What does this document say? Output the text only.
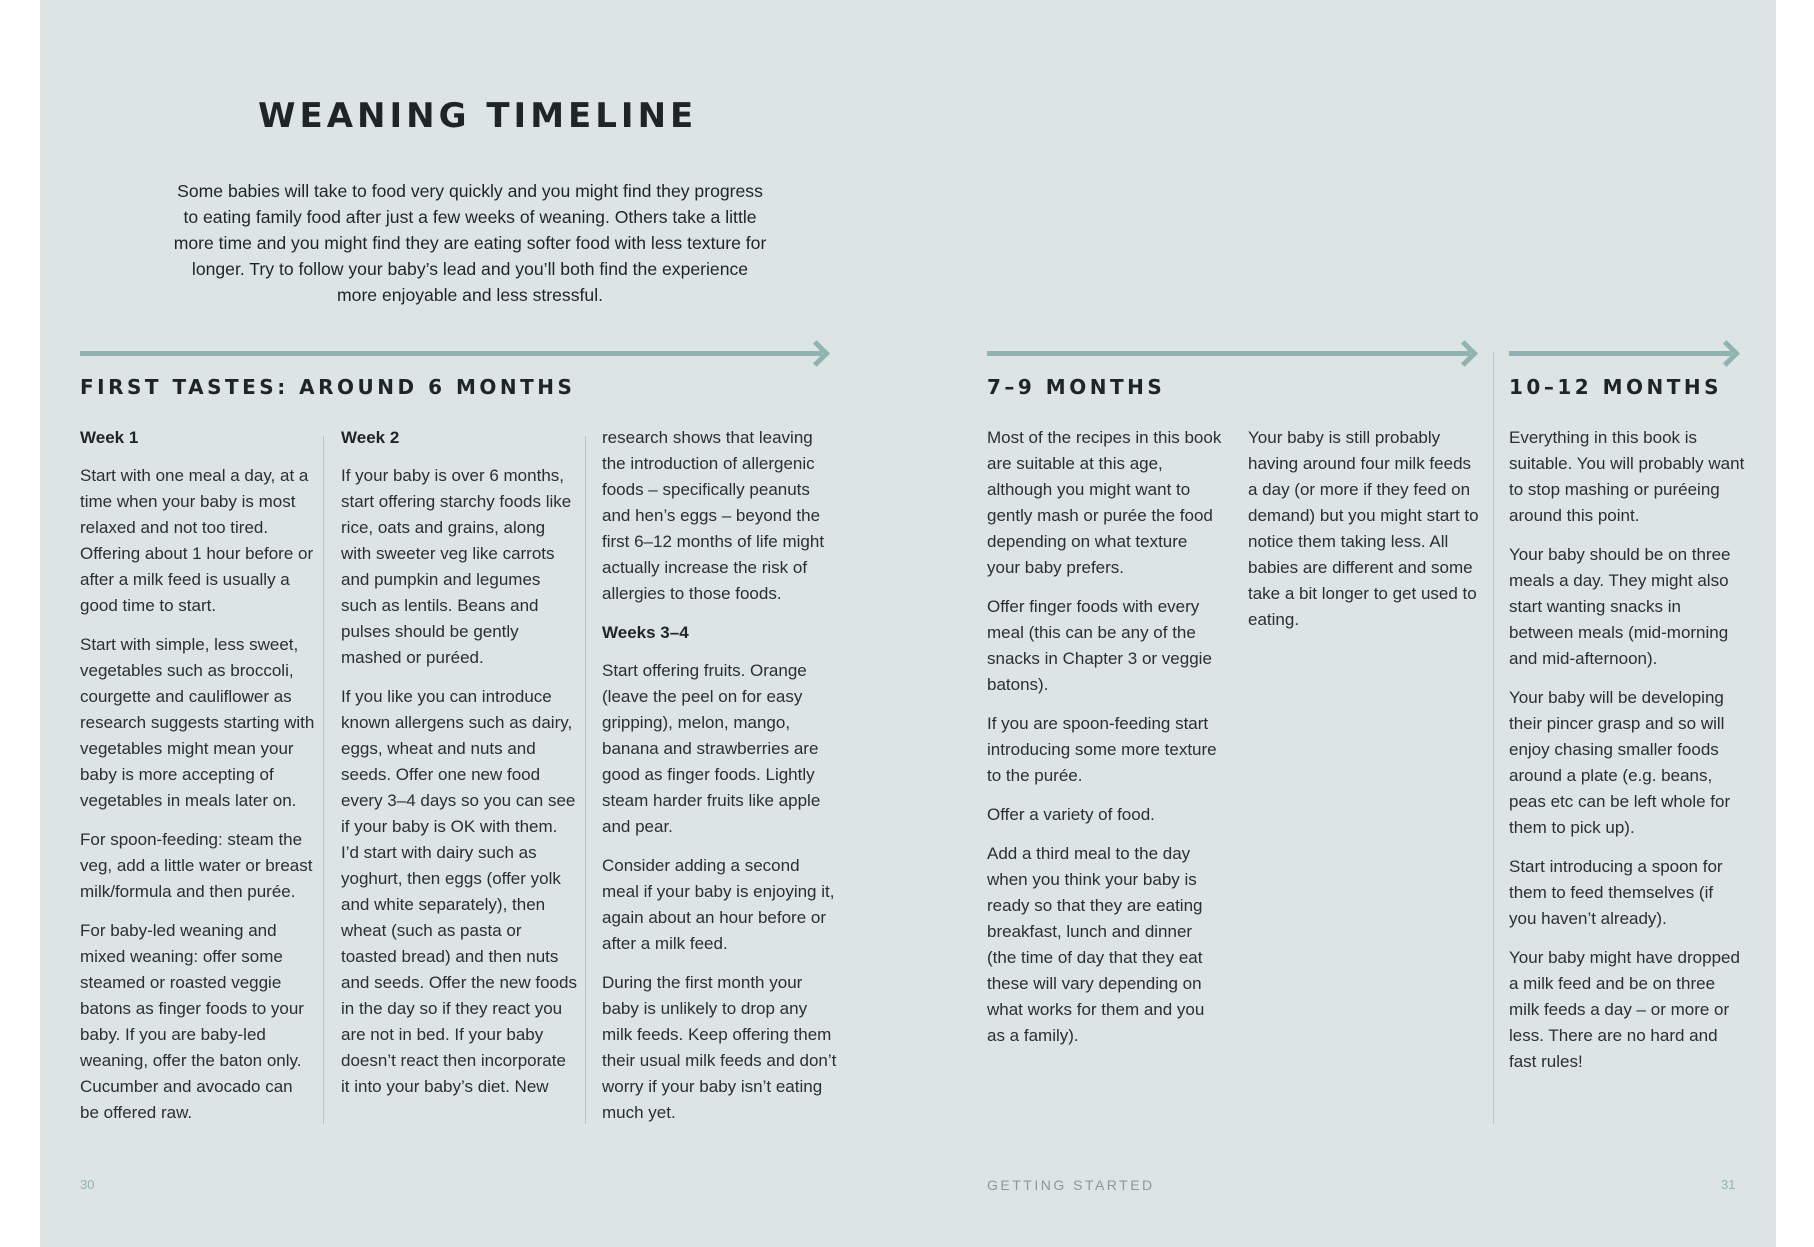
WEANING TIMELINE
Some babies will take to food very quickly and you might find they progress to eating family food after just a few weeks of weaning. Others take a little more time and you might find they are eating softer food with less texture for longer. Try to follow your baby’s lead and you’ll both find the experience more enjoyable and less stressful.
FIRST TASTES: AROUND 6 MONTHS	7–9 MONTHS	10–12 MONTHS

Week 1

Start with one meal a day, at a time when your baby is most relaxed and not too tired. Offering about 1 hour before or after a milk feed is usually a good time to start.

Start with simple, less sweet, vegetables such as broccoli, courgette and cauliflower as research suggests starting with vegetables might mean your baby is more accepting of vegetables in meals later on.

For spoon-feeding: steam the veg, add a little water or breast milk/formula and then purée.

For baby-led weaning and mixed weaning: offer some steamed or roasted veggie batons as finger foods to your baby. If you are baby-led weaning, offer the baton only. Cucumber and avocado can be offered raw.

Week 2

If your baby is over 6 months, start offering starchy foods like rice, oats and grains, along with sweeter veg like carrots and pumpkin and legumes such as lentils. Beans and pulses should be gently mashed or puréed.

If you like you can introduce known allergens such as dairy, eggs, wheat and nuts and seeds. Offer one new food every 3–4 days so you can see if your baby is OK with them. I’d start with dairy such as yoghurt, then eggs (offer yolk and white separately), then wheat (such as pasta or toasted bread) and then nuts and seeds. Offer the new foods in the day so if they react you are not in bed. If your baby doesn’t react then incorporate it into your baby’s diet. New

research shows that leaving the introduction of allergenic foods – specifically peanuts and hen’s eggs – beyond the first 6–12 months of life might actually increase the risk of allergies to those foods.

Weeks 3–4

Start offering fruits. Orange (leave the peel on for easy gripping), melon, mango, banana and strawberries are good as finger foods. Lightly steam harder fruits like apple and pear.

Consider adding a second meal if your baby is enjoying it, again about an hour before or after a milk feed.

During the first month your baby is unlikely to drop any milk feeds. Keep offering them their usual milk feeds and don’t worry if your baby isn’t eating much yet.

Most of the recipes in this book are suitable at this age, although you might want to gently mash or purée the food depending on what texture your baby prefers.

Offer finger foods with every meal (this can be any of the snacks in Chapter 3 or veggie batons).

If you are spoon-feeding start introducing some more texture to the purée.

Offer a variety of food.

Add a third meal to the day when you think your baby is ready so that they are eating breakfast, lunch and dinner (the time of day that they eat these will vary depending on what works for them and you as a family).

Your baby is still probably having around four milk feeds a day (or more if they feed on demand) but you might start to notice them taking less. All babies are different and some take a bit longer to get used to eating.

Everything in this book is suitable. You will probably want to stop mashing or puréeing around this point.

Your baby should be on three meals a day. They might also start wanting snacks in between meals (mid-morning and mid-afternoon).

Your baby will be developing their pincer grasp and so will enjoy chasing smaller foods around a plate (e.g. beans, peas etc can be left whole for them to pick up).

Start introducing a spoon for them to feed themselves (if you haven’t already).

Your baby might have dropped a milk feed and be on three milk feeds a day – or more or less. There are no hard and fast rules!

30	GETTING STARTED	31
